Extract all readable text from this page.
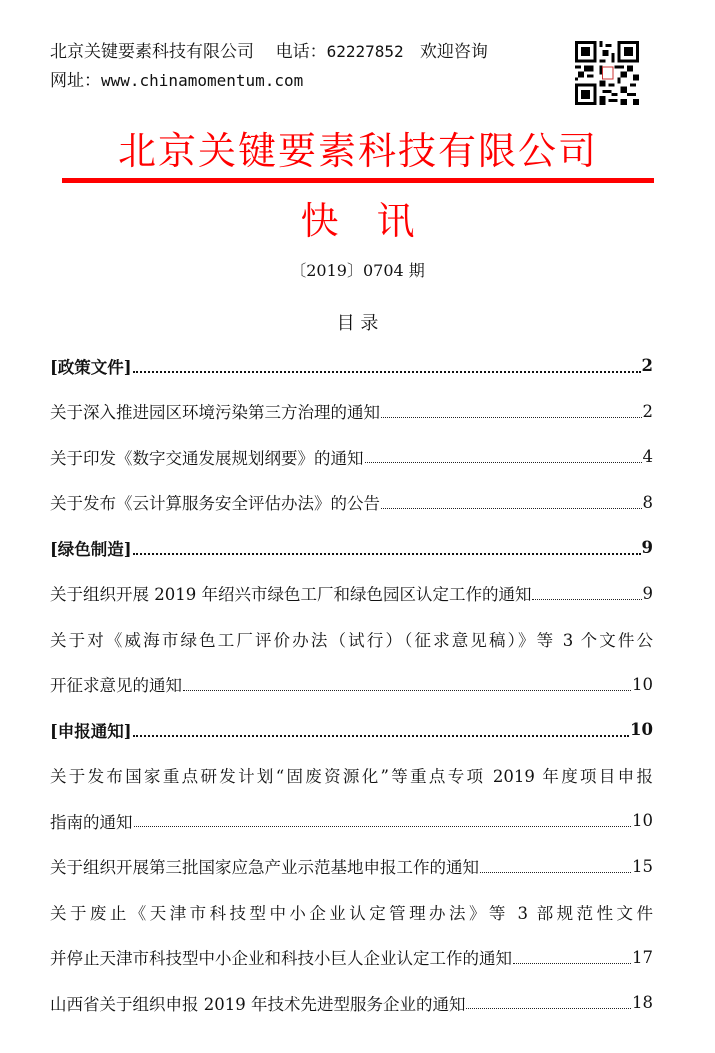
北京关键要素科技有限公司 电话：62227852 欢迎咨询
网址：www.chinamomentum.com
北京关键要素科技有限公司
快　讯
〔2019〕0704 期
目 录
[政策文件]	2
关于深入推进园区环境污染第三方治理的通知	2
关于印发《数字交通发展规划纲要》的通知	4
关于发布《云计算服务安全评估办法》的公告	8
[绿色制造]	9
关于组织开展 2019 年绍兴市绿色工厂和绿色园区认定工作的通知	9
关于对《威海市绿色工厂评价办法（试行）（征求意见稿）》等 3 个文件公
开征求意见的通知	10
[申报通知]	10
关于发布国家重点研发计划“固废资源化”等重点专项 2019 年度项目申报
指南的通知	10
关于组织开展第三批国家应急产业示范基地申报工作的通知	15
关于废止《天津市科技型中小企业认定管理办法》等 3 部规范性文件
并停止天津市科技型中小企业和科技小巨人企业认定工作的通知	17
山西省关于组织申报 2019 年技术先进型服务企业的通知	18
